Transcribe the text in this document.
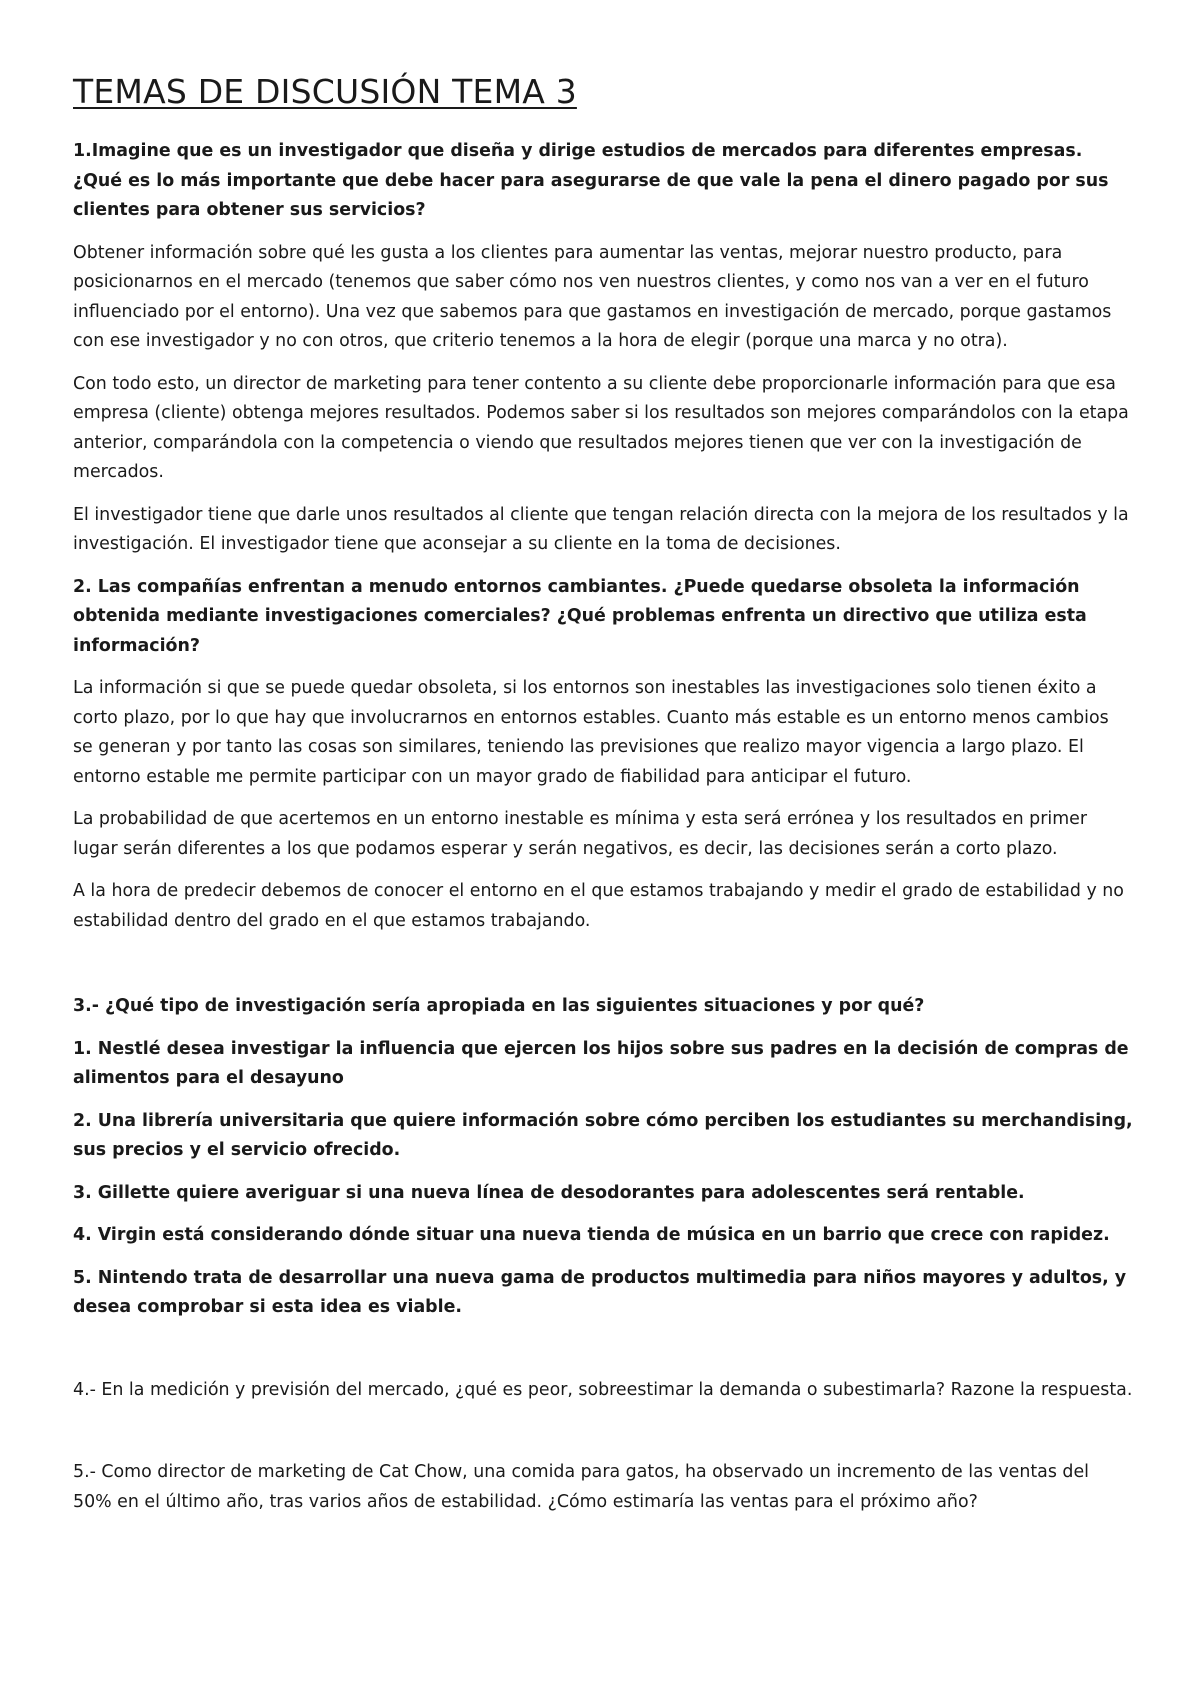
TEMAS DE DISCUSIÓN TEMA 3

1.Imagine que es un investigador que diseña y dirige estudios de mercados para diferentes empresas. ¿Qué es lo más importante que debe hacer para asegurarse de que vale la pena el dinero pagado por sus clientes para obtener sus servicios?

Obtener información sobre qué les gusta a los clientes para aumentar las ventas, mejorar nuestro producto, para posicionarnos en el mercado (tenemos que saber cómo nos ven nuestros clientes, y como nos van a ver en el futuro influenciado por el entorno). Una vez que sabemos para que gastamos en investigación de mercado, porque gastamos con ese investigador y no con otros, que criterio tenemos a la hora de elegir (porque una marca y no otra).

Con todo esto, un director de marketing para tener contento a su cliente debe proporcionarle información para que esa empresa (cliente) obtenga mejores resultados. Podemos saber si los resultados son mejores comparándolos con la etapa anterior, comparándola con la competencia o viendo que resultados mejores tienen que ver con la investigación de mercados.

El investigador tiene que darle unos resultados al cliente que tengan relación directa con la mejora de los resultados y la investigación. El investigador tiene que aconsejar a su cliente en la toma de decisiones.

2. Las compañías enfrentan a menudo entornos cambiantes. ¿Puede quedarse obsoleta la información obtenida mediante investigaciones comerciales? ¿Qué problemas enfrenta un directivo que utiliza esta información?

La información si que se puede quedar obsoleta, si los entornos son inestables las investigaciones solo tienen éxito a corto plazo, por lo que hay que involucrarnos en entornos estables. Cuanto más estable es un entorno menos cambios se generan y por tanto las cosas son similares, teniendo las previsiones que realizo mayor vigencia a largo plazo. El entorno estable me permite participar con un mayor grado de fiabilidad para anticipar el futuro.

La probabilidad de que acertemos en un entorno inestable es mínima y esta será errónea y los resultados en primer lugar serán diferentes a los que podamos esperar y serán negativos, es decir, las decisiones serán a corto plazo.

A la hora de predecir debemos de conocer el entorno en el que estamos trabajando y medir el grado de estabilidad y no estabilidad dentro del grado en el que estamos trabajando.

3.- ¿Qué tipo de investigación sería apropiada en las siguientes situaciones y por qué?

1. Nestlé desea investigar la influencia que ejercen los hijos sobre sus padres en la decisión de compras de alimentos para el desayuno

2. Una librería universitaria que quiere información sobre cómo perciben los estudiantes su merchandising, sus precios y el servicio ofrecido.

3. Gillette quiere averiguar si una nueva línea de desodorantes para adolescentes será rentable.

4. Virgin está considerando dónde situar una nueva tienda de música en un barrio que crece con rapidez.

5. Nintendo trata de desarrollar una nueva gama de productos multimedia para niños mayores y adultos, y desea comprobar si esta idea es viable.

4.- En la medición y previsión del mercado, ¿qué es peor, sobreestimar la demanda o subestimarla? Razone la respuesta.

5.- Como director de marketing de Cat Chow, una comida para gatos, ha observado un incremento de las ventas del 50% en el último año, tras varios años de estabilidad. ¿Cómo estimaría las ventas para el próximo año?
